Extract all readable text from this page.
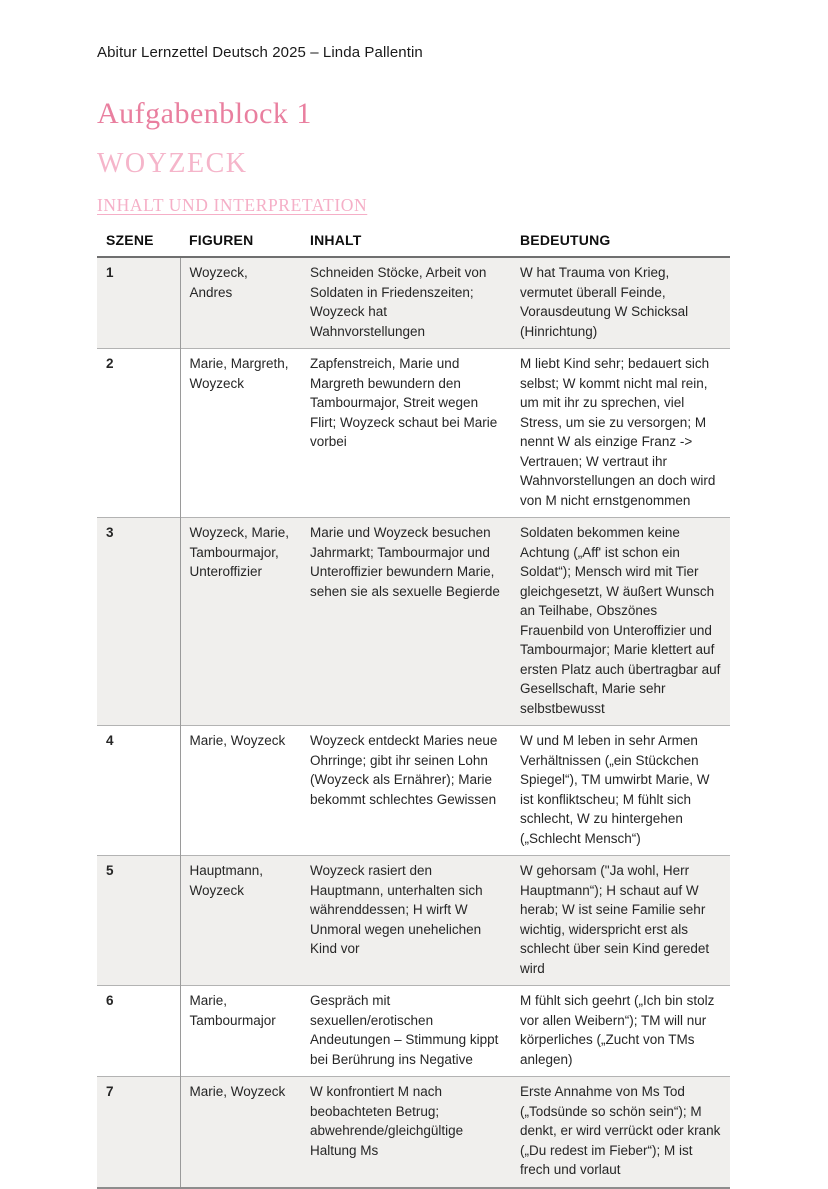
Abitur Lernzettel Deutsch 2025 – Linda Pallentin
Aufgabenblock 1
WOYZECK
INHALT UND INTERPRETATION
SZENE	FIGUREN	INHALT	BEDEUTUNG
1	Woyzeck, Andres	Schneiden Stöcke, Arbeit von Soldaten in Friedenszeiten; Woyzeck hat Wahnvorstellungen	W hat Trauma von Krieg, vermutet überall Feinde, Vorausdeutung W Schicksal (Hinrichtung)
2	Marie, Margreth, Woyzeck	Zapfenstreich, Marie und Margreth bewundern den Tambourmajor, Streit wegen Flirt; Woyzeck schaut bei Marie vorbei	M liebt Kind sehr; bedauert sich selbst; W kommt nicht mal rein, um mit ihr zu sprechen, viel Stress, um sie zu versorgen; M nennt W als einzige Franz -> Vertrauen; W vertraut ihr Wahnvorstellungen an doch wird von M nicht ernstgenommen
3	Woyzeck, Marie, Tambourmajor, Unteroffizier	Marie und Woyzeck besuchen Jahrmarkt; Tambourmajor und Unteroffizier bewundern Marie, sehen sie als sexuelle Begierde	Soldaten bekommen keine Achtung („Aff' ist schon ein Soldat“); Mensch wird mit Tier gleichgesetzt, W äußert Wunsch an Teilhabe, Obszönes Frauenbild von Unteroffizier und Tambourmajor; Marie klettert auf ersten Platz auch übertragbar auf Gesellschaft, Marie sehr selbstbewusst
4	Marie, Woyzeck	Woyzeck entdeckt Maries neue Ohrringe; gibt ihr seinen Lohn (Woyzeck als Ernährer); Marie bekommt schlechtes Gewissen	W und M leben in sehr Armen Verhältnissen („ein Stückchen Spiegel“), TM umwirbt Marie, W ist konfliktscheu; M fühlt sich schlecht, W zu hintergehen („Schlecht Mensch“)
5	Hauptmann, Woyzeck	Woyzeck rasiert den Hauptmann, unterhalten sich währenddessen; H wirft W Unmoral wegen unehelichen Kind vor	W gehorsam ("Ja wohl, Herr Hauptmann“); H schaut auf W herab; W ist seine Familie sehr wichtig, widerspricht erst als schlecht über sein Kind geredet wird
6	Marie, Tambourmajor	Gespräch mit sexuellen/erotischen Andeutungen – Stimmung kippt bei Berührung ins Negative	M fühlt sich geehrt („Ich bin stolz vor allen Weibern“); TM will nur körperliches („Zucht von TMs anlegen)
7	Marie, Woyzeck	W konfrontiert M nach beobachteten Betrug; abwehrende/gleichgültige Haltung Ms	Erste Annahme von Ms Tod („Todsünde so schön sein“); M denkt, er wird verrückt oder krank („Du redest im Fieber“); M ist frech und vorlaut
